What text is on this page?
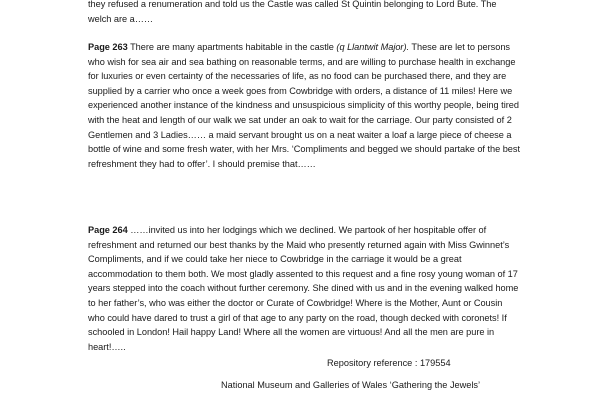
they refused a renumeration and told us the Castle was called St Quintin belonging to Lord Bute. The welch are a……
Page 263 There are many apartments habitable in the castle (q Llantwit Major). These are let to persons who wish for sea air and sea bathing on reasonable terms, and are willing to purchase health in exchange for luxuries or even certainty of the necessaries of life, as no food can be purchased there, and they are supplied by a carrier who once a week goes from Cowbridge with orders, a distance of 11 miles! Here we experienced another instance of the kindness and unsuspicious simplicity of this worthy people, being tired with the heat and length of our walk we sat under an oak to wait for the carriage. Our party consisted of 2 Gentlemen and 3 Ladies…… a maid servant brought us on a neat waiter a loaf a large piece of cheese a bottle of wine and some fresh water, with her Mrs. ‘Compliments and begged we should partake of the best refreshment they had to offer’. I should premise that……
Page 264 ……invited us into her lodgings which we declined. We partook of her hospitable offer of refreshment and returned our best thanks by the Maid who presently returned again with Miss Gwinnet’s Compliments, and if we could take her niece to Cowbridge in the carriage it would be a great accommodation to them both. We most gladly assented to this request and a fine rosy young woman of 17 years stepped into the coach without further ceremony. She dined with us and in the evening walked home to her father’s, who was either the doctor or Curate of Cowbridge! Where is the Mother, Aunt or Cousin who could have dared to trust a girl of that age to any party on the road, though decked with coronets! If schooled in London! Hail happy Land! Where all the women are virtuous! And all the men are pure in heart!…..
Repository reference : 179554
National Museum and Galleries of Wales ‘Gathering the Jewels’
